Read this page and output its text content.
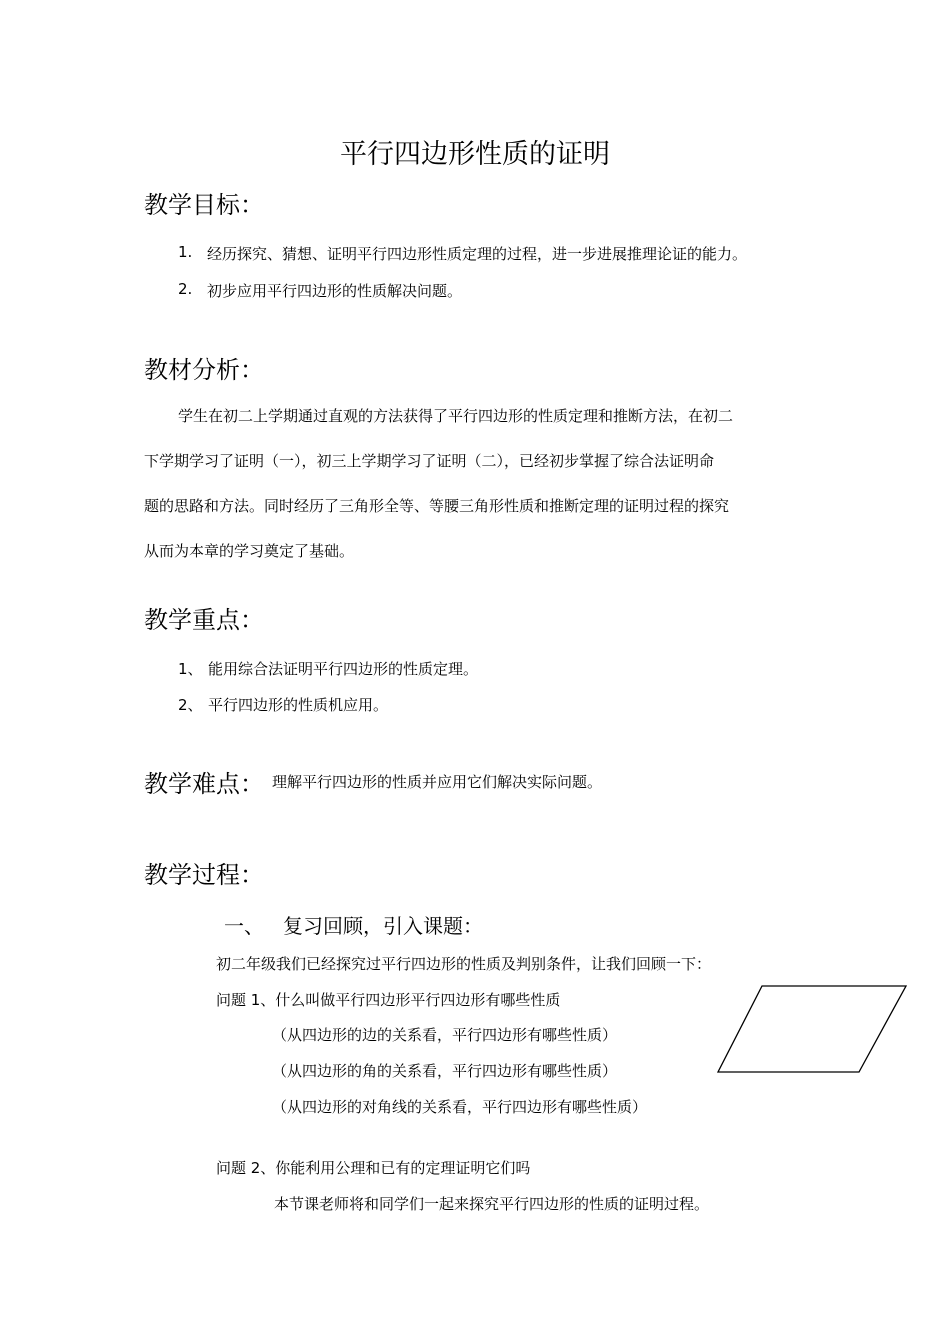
平行四边形性质的证明
教学目标：
1. 经历探究、猜想、证明平行四边形性质定理的过程，进一步进展推理论证的能力。
2. 初步应用平行四边形的性质解决问题。
教材分析：
学生在初二上学期通过直观的方法获得了平行四边形的性质定理和推断方法，在初二
下学期学习了证明（一），初三上学期学习了证明（二），已经初步掌握了综合法证明命
题的思路和方法。同时经历了三角形全等、等腰三角形性质和推断定理的证明过程的探究
从而为本章的学习奠定了基础。
教学重点：
1、 能用综合法证明平行四边形的性质定理。
2、 平行四边形的性质机应用。
教学难点： 理解平行四边形的性质并应用它们解决实际问题。
教学过程：
一、 复习回顾，引入课题：
初二年级我们已经探究过平行四边形的性质及判别条件，让我们回顾一下：
问题 1、什么叫做平行四边形平行四边形有哪些性质
（从四边形的边的关系看，平行四边形有哪些性质）
（从四边形的角的关系看，平行四边形有哪些性质）
（从四边形的对角线的关系看，平行四边形有哪些性质）
问题 2、你能利用公理和已有的定理证明它们吗
本节课老师将和同学们一起来探究平行四边形的性质的证明过程。
